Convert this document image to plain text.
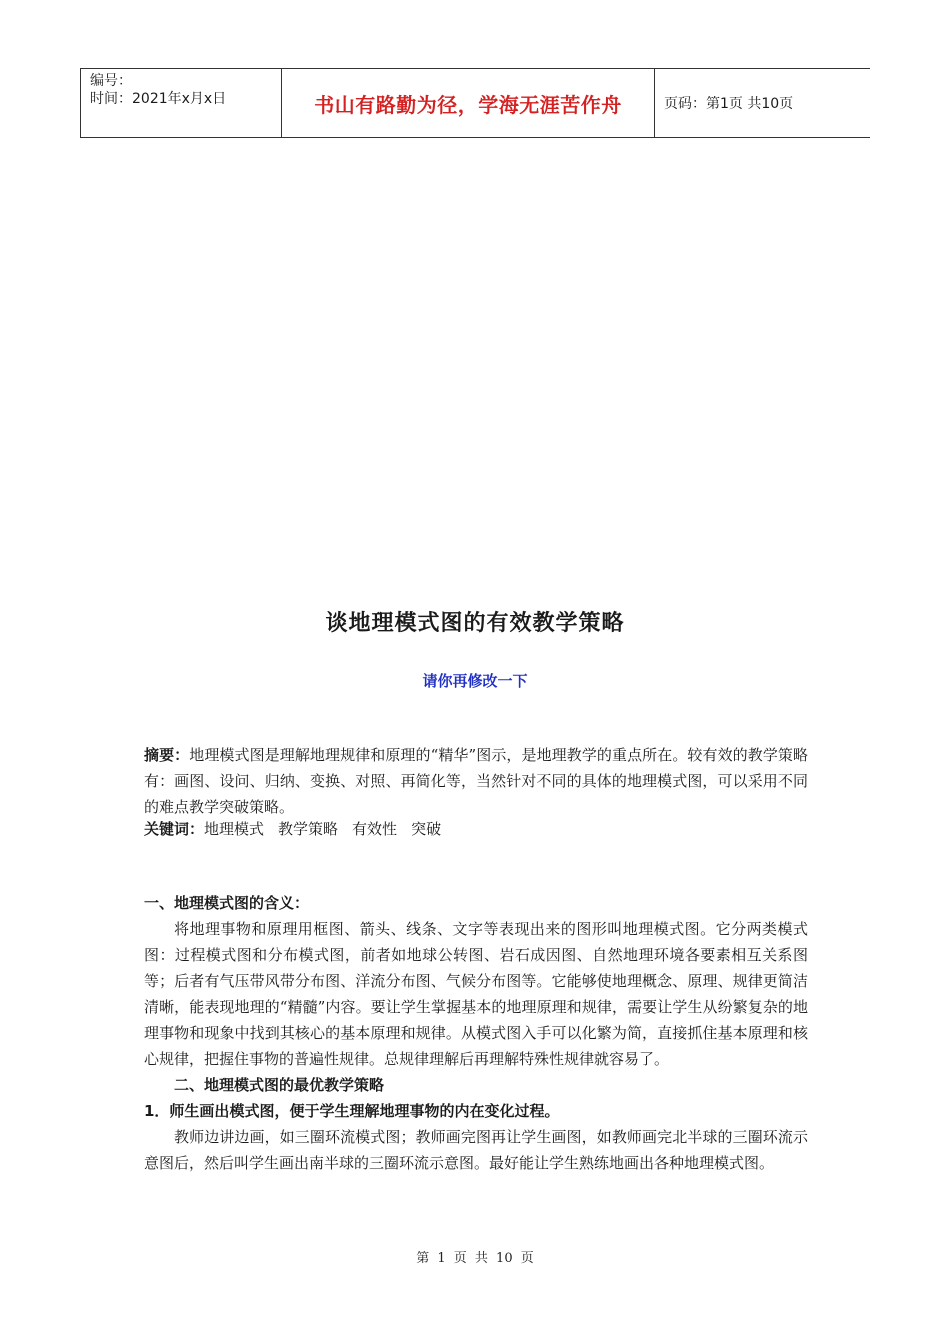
编号：
时间：2021年x月x日	书山有路勤为径，学海无涯苦作舟	页码：第1页 共10页
谈地理模式图的有效教学策略
请你再修改一下
摘要：地理模式图是理解地理规律和原理的“精华”图示，是地理教学的重点所在。较有效的教学策略有：画图、设问、归纳、变换、对照、再简化等，当然针对不同的具体的地理模式图，可以采用不同的难点教学突破策略。
关键词：地理模式 教学策略 有效性 突破
一、地理模式图的含义：
将地理事物和原理用框图、箭头、线条、文字等表现出来的图形叫地理模式图。它分两类模式图：过程模式图和分布模式图，前者如地球公转图、岩石成因图、自然地理环境各要素相互关系图等；后者有气压带风带分布图、洋流分布图、气候分布图等。它能够使地理概念、原理、规律更简洁清晰，能表现地理的“精髓”内容。要让学生掌握基本的地理原理和规律，需要让学生从纷繁复杂的地理事物和现象中找到其核心的基本原理和规律。从模式图入手可以化繁为简，直接抓住基本原理和核心规律，把握住事物的普遍性规律。总规律理解后再理解特殊性规律就容易了。
二、地理模式图的最优教学策略
1．师生画出模式图，便于学生理解地理事物的内在变化过程。
教师边讲边画，如三圈环流模式图；教师画完图再让学生画图，如教师画完北半球的三圈环流示意图后，然后叫学生画出南半球的三圈环流示意图。最好能让学生熟练地画出各种地理模式图。
第 1 页 共 10 页
